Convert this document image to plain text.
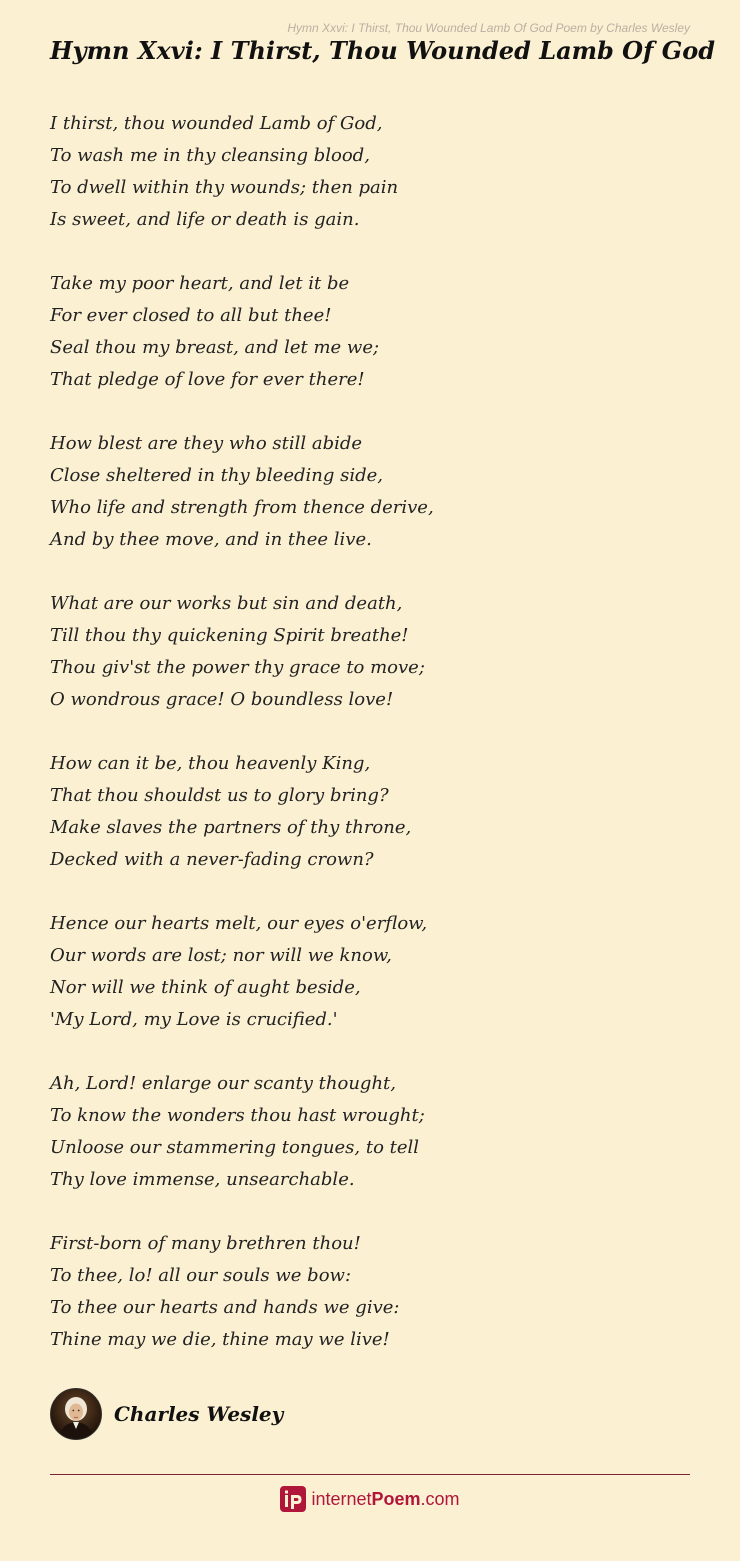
Hymn Xxvi: I Thirst, Thou Wounded Lamb Of God Poem by Charles Wesley
Hymn Xxvi: I Thirst, Thou Wounded Lamb Of God

I thirst, thou wounded Lamb of God,
To wash me in thy cleansing blood,
To dwell within thy wounds; then pain
Is sweet, and life or death is gain.

Take my poor heart, and let it be
For ever closed to all but thee!
Seal thou my breast, and let me we;
That pledge of love for ever there!

How blest are they who still abide
Close sheltered in thy bleeding side,
Who life and strength from thence derive,
And by thee move, and in thee live.

What are our works but sin and death,
Till thou thy quickening Spirit breathe!
Thou giv'st the power thy grace to move;
O wondrous grace! O boundless love!

How can it be, thou heavenly King,
That thou shouldst us to glory bring?
Make slaves the partners of thy throne,
Decked with a never-fading crown?

Hence our hearts melt, our eyes o'erflow,
Our words are lost; nor will we know,
Nor will we think of aught beside,
'My Lord, my Love is crucified.'

Ah, Lord! enlarge our scanty thought,
To know the wonders thou hast wrought;
Unloose our stammering tongues, to tell
Thy love immense, unsearchable.

First-born of many brethren thou!
To thee, lo! all our souls we bow:
To thee our hearts and hands we give:
Thine may we die, thine may we live!

Charles Wesley
internetPoem.com
